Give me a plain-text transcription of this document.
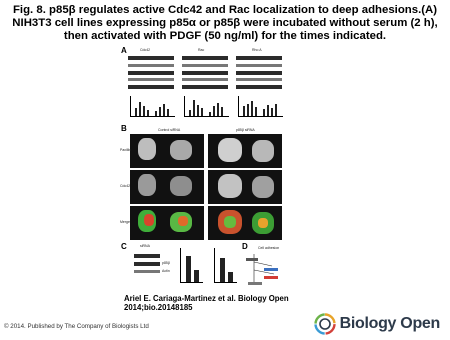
Fig. 8. p85β regulates active Cdc42 and Rac localization to deep adhesions.(A) NIH3T3 cell lines expressing p85α or p85β were incubated without serum (2 h), then activated with PDGF (50 ng/ml) for the times indicated.
A	Cdc42	Rac	Rho A
B	Control siRNA	p85β siRNA
Paxillin
Cdc42
Merge
C	siRNA
p85β
Actin
D	Cell adhesion
Ariel E. Cariaga-Martinez et al. Biology Open
2014;bio.20148185
© 2014. Published by The Company of Biologists Ltd	Biology Open
